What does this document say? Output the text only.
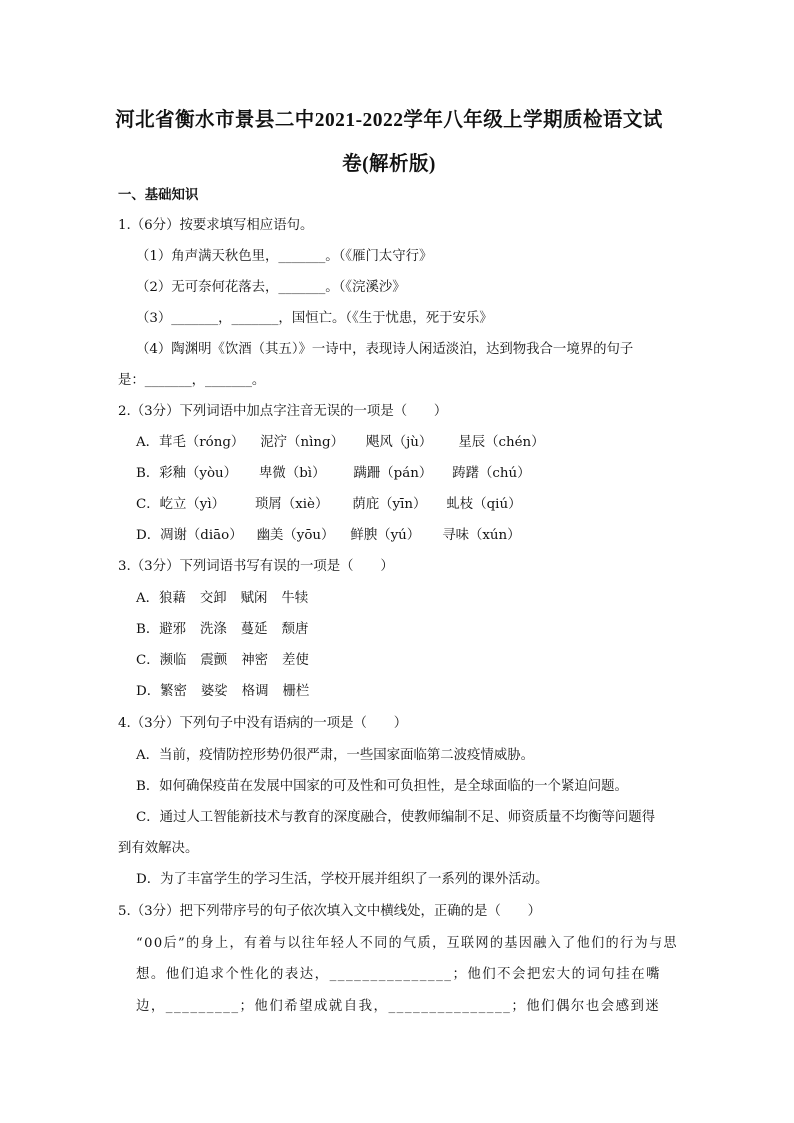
河北省衡水市景县二中2021-2022学年八年级上学期质检语文试
卷(解析版)
一、基础知识
1.（6分）按要求填写相应语句。
（1）角声满天秋色里，_______。（《雁门太守行》
（2）无可奈何花落去，_______。（《浣溪沙》
（3）_______，_______，国恒亡。（《生于忧患，死于安乐》
（4）陶渊明《饮酒（其五）》一诗中，表现诗人闲适淡泊，达到物我合一境界的句子
是：_______，_______。
2.（3分）下列词语中加点字注音无误的一项是（　　）
A．茸毛（róng） 泥泞（nìng） 飓风（jù） 星辰（chén）
B．彩釉（yòu） 卑微（bì） 蹒跚（pán） 踌躇（chú）
C．屹立（yì） 琐屑（xiè） 荫庇（yīn） 虬枝（qiú）
D．凋谢（diāo） 幽美（yōu） 鲜腴（yú） 寻味（xún）
3.（3分）下列词语书写有误的一项是（　　）
A．狼藉 交卸 赋闲 牛犊
B．避邪 洗涤 蔓延 颓唐
C．濒临 震颤 神密 差使
D．繁密 婆娑 格调 栅栏
4.（3分）下列句子中没有语病的一项是（　　）
A．当前，疫情防控形势仍很严肃，一些国家面临第二波疫情威胁。
B．如何确保疫苗在发展中国家的可及性和可负担性，是全球面临的一个紧迫问题。
C．通过人工智能新技术与教育的深度融合，使教师编制不足、师资质量不均衡等问题得
到有效解决。
D．为了丰富学生的学习生活，学校开展并组织了一系列的课外活动。
5.（3分）把下列带序号的句子依次填入文中横线处，正确的是（　　）
“00后”的身上，有着与以往年轻人不同的气质，互联网的基因融入了他们的行为与思
想。他们追求个性化的表达，_______________；他们不会把宏大的词句挂在嘴
边，_________；他们希望成就自我，_______________；他们偶尔也会感到迷
